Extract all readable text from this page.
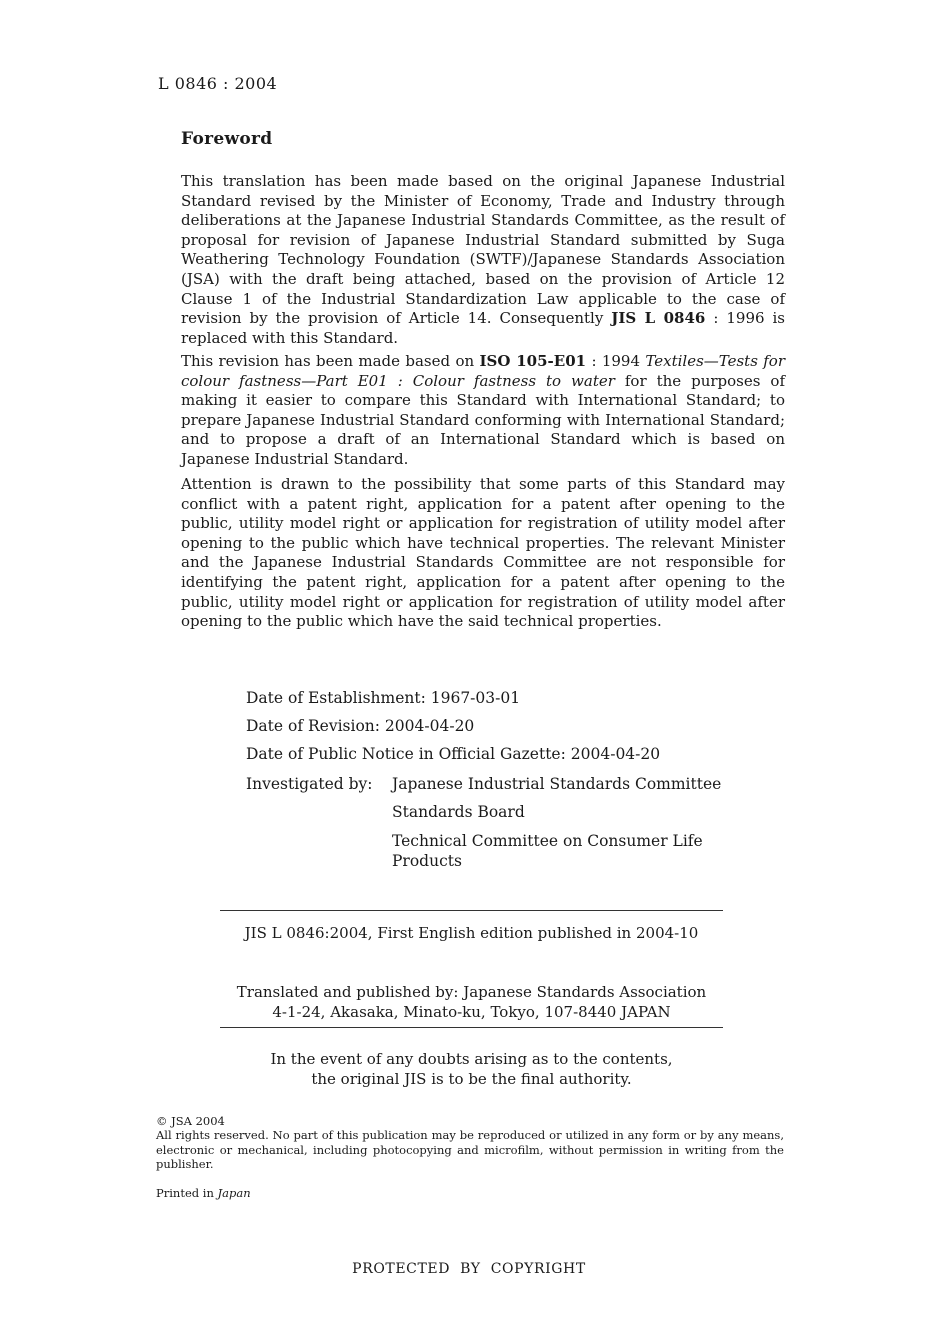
L 0846 : 2004
Foreword

This translation has been made based on the original Japanese Industrial Standard revised by the Minister of Economy, Trade and Industry through deliberations at the Japanese Industrial Standards Committee, as the result of proposal for revision of Japanese Industrial Standard submitted by Suga Weathering Technology Foundation (SWTF)/Japanese Standards Association (JSA) with the draft being attached, based on the provision of Article 12 Clause 1 of the Industrial Standardization Law applicable to the case of revision by the provision of Article 14. Consequently JIS L 0846 : 1996 is replaced with this Standard.

This revision has been made based on ISO 105-E01 : 1994 Textiles—Tests for colour fastness—Part E01 : Colour fastness to water for the purposes of making it easier to compare this Standard with International Standard; to prepare Japanese Industrial Standard conforming with International Standard; and to propose a draft of an International Standard which is based on Japanese Industrial Standard.

Attention is drawn to the possibility that some parts of this Standard may conflict with a patent right, application for a patent after opening to the public, utility model right or application for registration of utility model after opening to the public which have technical properties. The relevant Minister and the Japanese Industrial Standards Committee are not responsible for identifying the patent right, application for a patent after opening to the public, utility model right or application for registration of utility model after opening to the public which have the said technical properties.

Date of Establishment: 1967-03-01
Date of Revision: 2004-04-20
Date of Public Notice in Official Gazette: 2004-04-20
Investigated by: Japanese Industrial Standards Committee
Standards Board
Technical Committee on Consumer Life Products
JIS L 0846:2004, First English edition published in 2004-10
Translated and published by: Japanese Standards Association
4-1-24, Akasaka, Minato-ku, Tokyo, 107-8440 JAPAN
In the event of any doubts arising as to the contents,
the original JIS is to be the final authority.
© JSA 2004
All rights reserved. No part of this publication may be reproduced or utilized in any form or by any means, electronic or mechanical, including photocopying and microfilm, without permission in writing from the publisher.
Printed in Japan
PROTECTED  BY  COPYRIGHT
